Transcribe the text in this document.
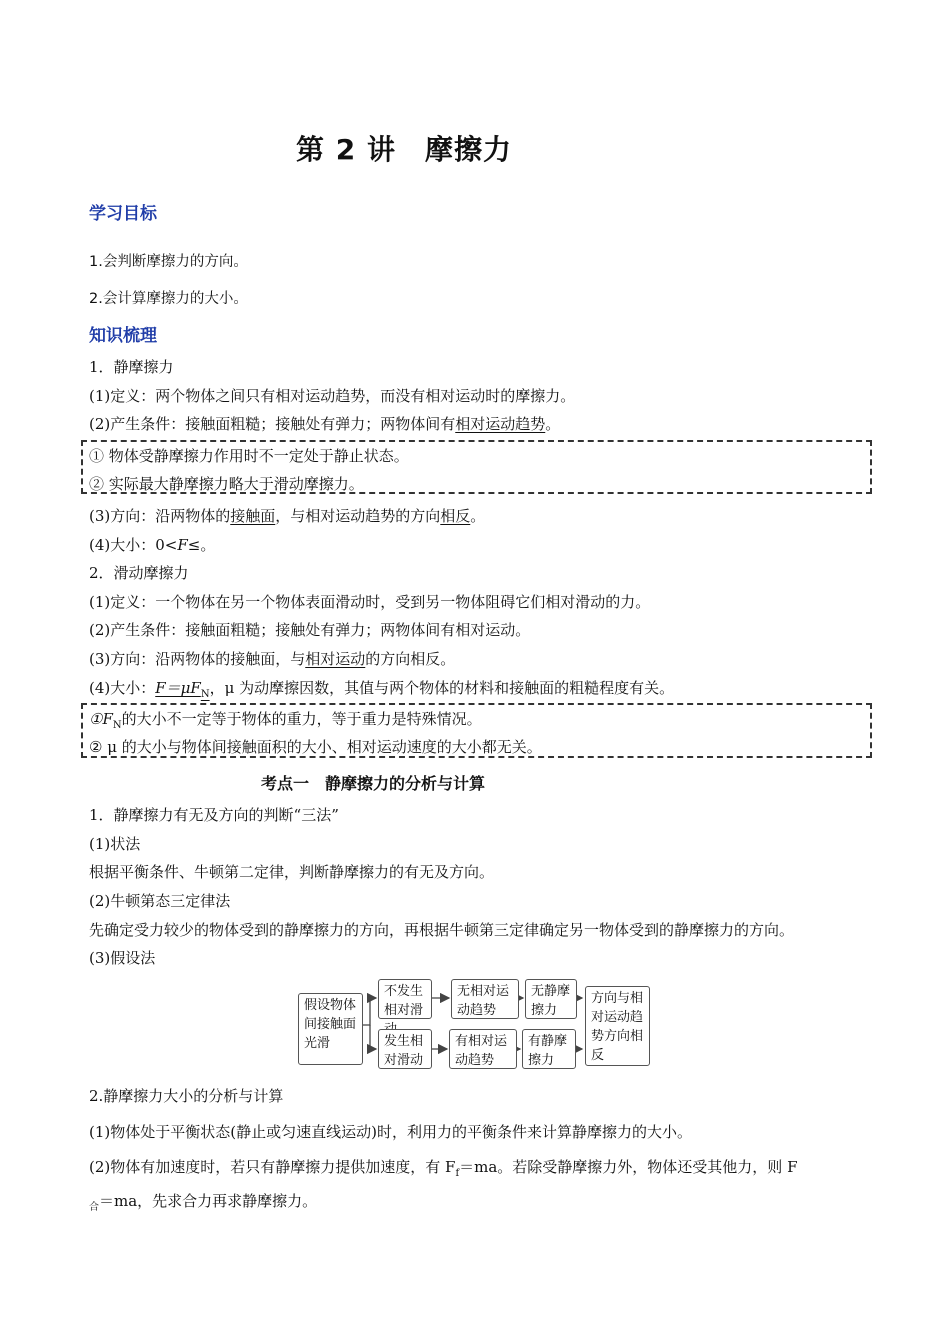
第 2 讲　摩擦力
学习目标
1.会判断摩擦力的方向。
2.会计算摩擦力的大小。
知识梳理
1．静摩擦力
(1)定义：两个物体之间只有相对运动趋势，而没有相对运动时的摩擦力。
(2)产生条件：接触面粗糙；接触处有弹力；两物体间有相对运动趋势。
① 物体受静摩擦力作用时不一定处于静止状态。
② 实际最大静摩擦力略大于滑动摩擦力。
(3)方向：沿两物体的接触面，与相对运动趋势的方向相反。
(4)大小：0<F≤。
2．滑动摩擦力
(1)定义：一个物体在另一个物体表面滑动时，受到另一物体阻碍它们相对滑动的力。
(2)产生条件：接触面粗糙；接触处有弹力；两物体间有相对运动。
(3)方向：沿两物体的接触面，与相对运动的方向相反。
(4)大小：$F=\mu F_N$，μ 为动摩擦因数，其值与两个物体的材料和接触面的粗糙程度有关。
$①F_N$的大小不一定等于物体的重力，等于重力是特殊情况。
② μ 的大小与物体间接触面积的大小、相对运动速度的大小都无关。
考点一　静摩擦力的分析与计算
1．静摩擦力有无及方向的判断“三法”
(1)状法
根据平衡条件、牛顿第二定律，判断静摩擦力的有无及方向。
(2)牛顿第态三定律法
先确定受力较少的物体受到的静摩擦力的方向，再根据牛顿第三定律确定另一物体受到的静摩擦力的方向。
(3)假设法
假设物体间接触面光滑
不发生相对滑
无相对运动趋势
无静摩擦力
发生相对滑动
有相对运动趋势
有静摩擦力
方向与相对运动趋势方向相反
2.静摩擦力大小的分析与计算
(1)物体处于平衡状态(静止或匀速直线运动)时，利用力的平衡条件来计算静摩擦力的大小。
(2)物体有加速度时，若只有静摩擦力提供加速度，有 $F_f=ma$。若除受静摩擦力外，物体还受其他力，则 F
$_合$＝ma，先求合力再求静摩擦力。
